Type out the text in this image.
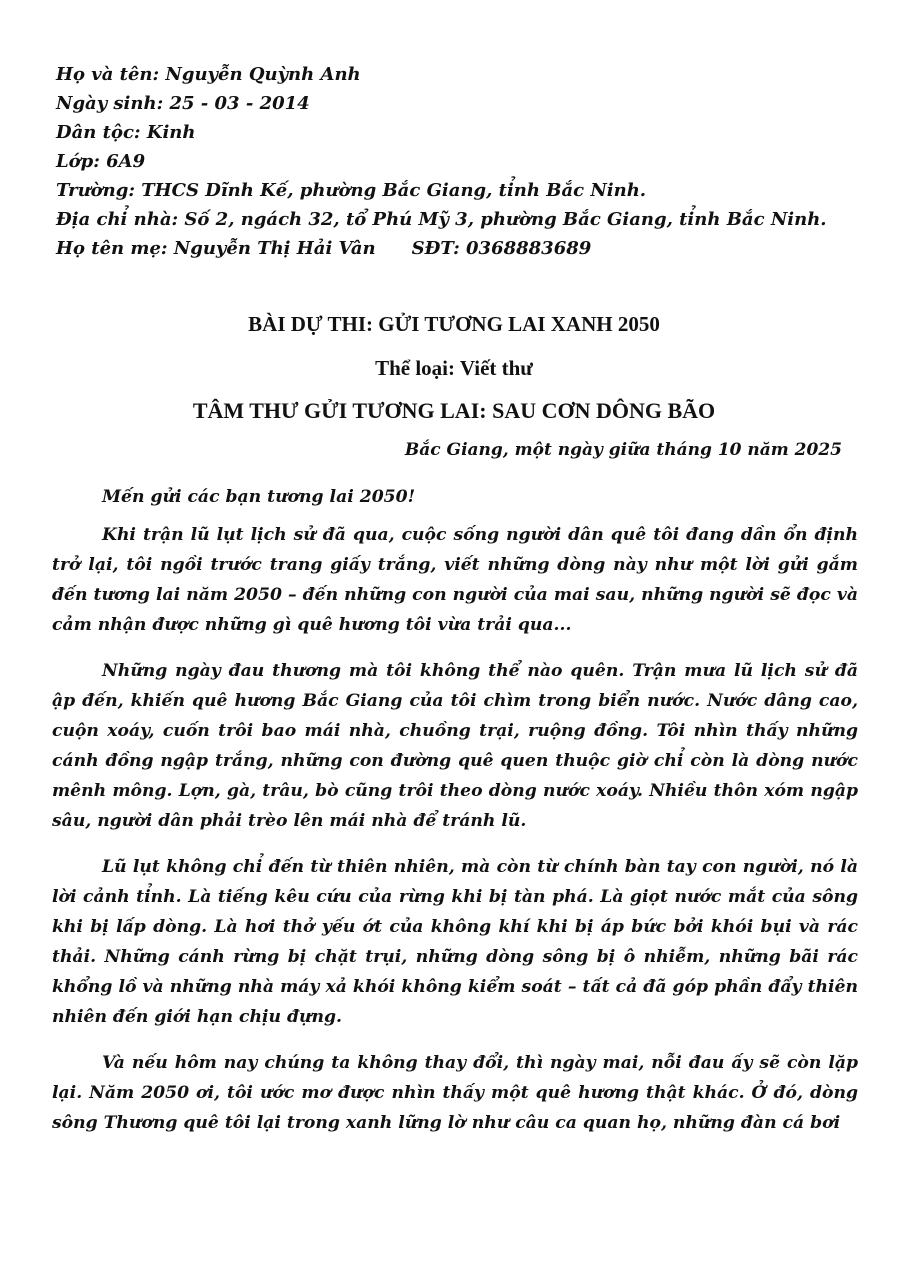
Họ và tên: Nguyễn Quỳnh Anh
Ngày sinh: 25 - 03 - 2014
Dân tộc: Kinh
Lớp: 6A9
Trường: THCS Dĩnh Kế, phường Bắc Giang, tỉnh Bắc Ninh.
Địa chỉ nhà: Số 2, ngách 32, tổ Phú Mỹ 3, phường Bắc Giang, tỉnh Bắc Ninh.
Họ tên mẹ: Nguyễn Thị Hải Vân SĐT: 0368883689
BÀI DỰ THI: GỬI TƯƠNG LAI XANH 2050
Thể loại: Viết thư
TÂM THƯ GỬI TƯƠNG LAI: SAU CƠN DÔNG BÃO
Bắc Giang, một ngày giữa tháng 10 năm 2025

Mến gửi các bạn tương lai 2050!

Khi trận lũ lụt lịch sử đã qua, cuộc sống người dân quê tôi đang dần ổn định trở lại, tôi ngồi trước trang giấy trắng, viết những dòng này như một lời gửi gắm đến tương lai năm 2050 – đến những con người của mai sau, những người sẽ đọc và cảm nhận được những gì quê hương tôi vừa trải qua...

Những ngày đau thương mà tôi không thể nào quên. Trận mưa lũ lịch sử đã ập đến, khiến quê hương Bắc Giang của tôi chìm trong biển nước. Nước dâng cao, cuộn xoáy, cuốn trôi bao mái nhà, chuồng trại, ruộng đồng. Tôi nhìn thấy những cánh đồng ngập trắng, những con đường quê quen thuộc giờ chỉ còn là dòng nước mênh mông. Lợn, gà, trâu, bò cũng trôi theo dòng nước xoáy. Nhiều thôn xóm ngập sâu, người dân phải trèo lên mái nhà để tránh lũ.

Lũ lụt không chỉ đến từ thiên nhiên, mà còn từ chính bàn tay con người, nó là lời cảnh tỉnh. Là tiếng kêu cứu của rừng khi bị tàn phá. Là giọt nước mắt của sông khi bị lấp dòng. Là hơi thở yếu ớt của không khí khi bị áp bức bởi khói bụi và rác thải. Những cánh rừng bị chặt trụi, những dòng sông bị ô nhiễm, những bãi rác khổng lồ và những nhà máy xả khói không kiểm soát – tất cả đã góp phần đẩy thiên nhiên đến giới hạn chịu đựng.

Và nếu hôm nay chúng ta không thay đổi, thì ngày mai, nỗi đau ấy sẽ còn lặp lại. Năm 2050 ơi, tôi ước mơ được nhìn thấy một quê hương thật khác. Ở đó, dòng sông Thương quê tôi lại trong xanh lững lờ như câu ca quan họ, những đàn cá bơi
